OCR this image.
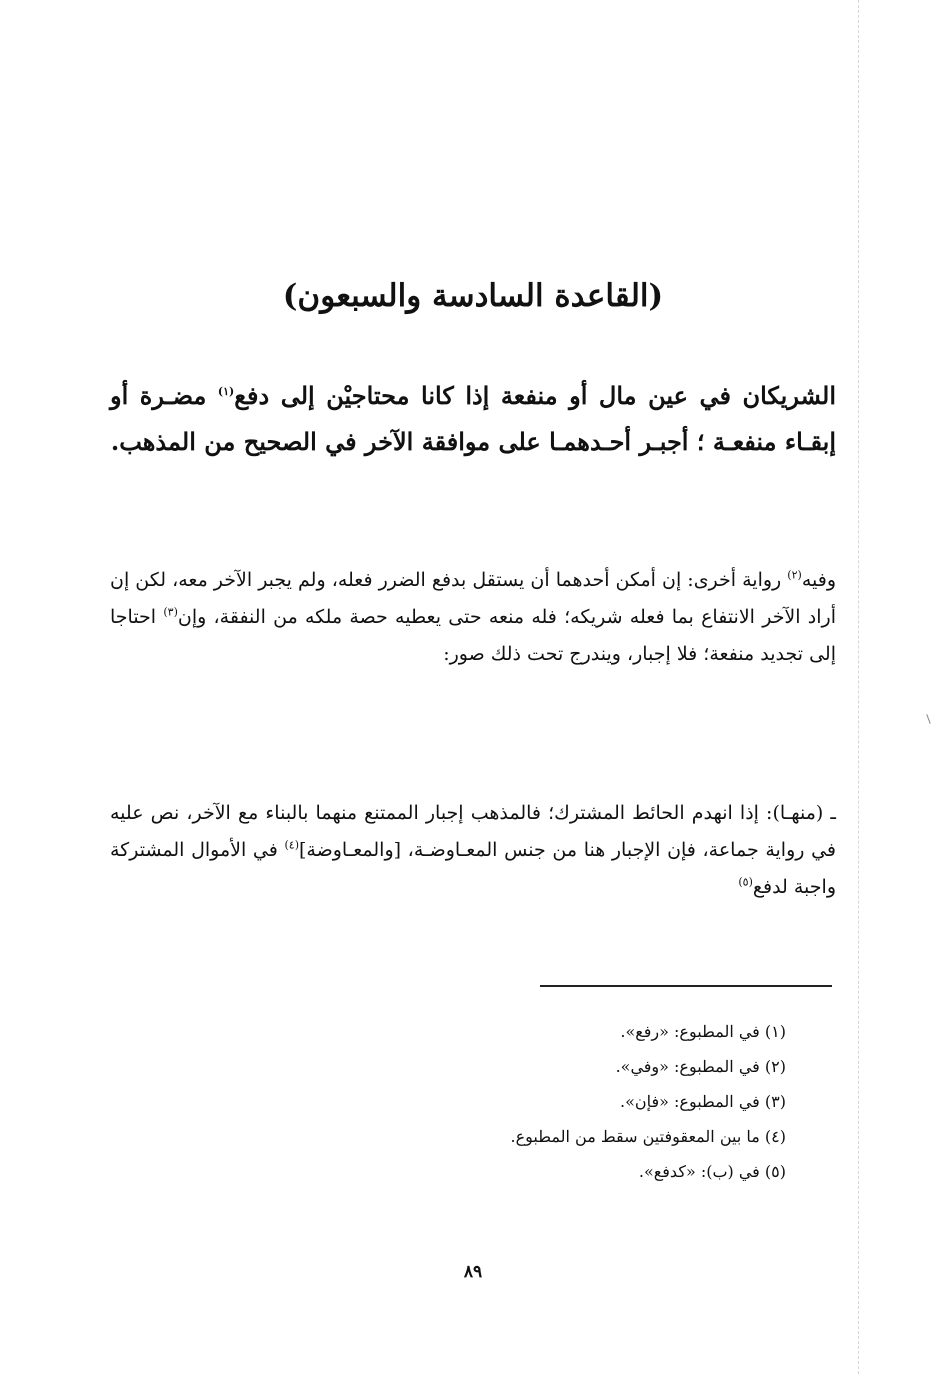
(القاعدة السادسة والسبعون)
الشريكان في عين مال أو منفعة إذا كانا محتاجيْن إلى دفع$^{(١)}$ مضـرة أو إبقـاء منفعـة ؛ أجبـر أحـدهمـا على موافقة الآخر في الصحيح من المذهب.
وفيه$^{(٢)}$ رواية أخرى: إن أمكن أحدهما أن يستقل بدفع الضرر فعله، ولم يجبر الآخر معه، لكن إن أراد الآخر الانتفاع بما فعله شريكه؛ فله منعه حتى يعطيه حصة ملكه من النفقة، وإن$^{(٣)}$ احتاجا إلى تجديد منفعة؛ فلا إجبار، ويندرج تحت ذلك صور:
ـ (منهـا): إذا انهدم الحائط المشترك؛ فالمذهب إجبار الممتنع منهما بالبناء مع الآخر، نص عليه في رواية جماعة، فإن الإجبار هنا من جنس المعـاوضـة، [والمعـاوضة]$^{(٤)}$ في الأموال المشتركة واجبة لدفع$^{(٥)}$
(١) في المطبوع: «رفع».
(٢) في المطبوع: «وفي».
(٣) في المطبوع: «فإن».
(٤) ما بين المعقوفتين سقط من المطبوع.
(٥) في (ب): «كدفع».
٨٩
